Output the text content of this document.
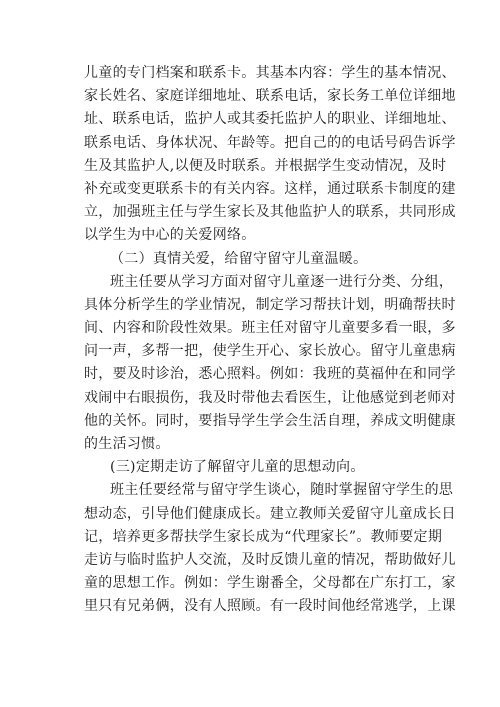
儿童的专门档案和联系卡。其基本内容：学生的基本情况、
家长姓名、家庭详细地址、联系电话，家长务工单位详细地
址、联系电话，监护人或其委托监护人的职业、详细地址、
联系电话、身体状况、年龄等。把自己的的电话号码告诉学
生及其监护人,以便及时联系。并根据学生变动情况，及时
补充或变更联系卡的有关内容。这样，通过联系卡制度的建
立，加强班主任与学生家长及其他监护人的联系，共同形成
以学生为中心的关爱网络。
（二）真情关爱，给留守留守儿童温暖。
班主任要从学习方面对留守儿童逐一进行分类、分组，
具体分析学生的学业情况，制定学习帮扶计划，明确帮扶时
间、内容和阶段性效果。班主任对留守儿童要多看一眼，多
问一声，多帮一把，使学生开心、家长放心。留守儿童患病
时，要及时诊治，悉心照料。例如：我班的莫福仲在和同学
戏闹中右眼损伤，我及时带他去看医生，让他感觉到老师对
他的关怀。同时，要指导学生学会生活自理，养成文明健康
的生活习惯。
(三)定期走访了解留守儿童的思想动向。
班主任要经常与留守学生谈心，随时掌握留守学生的思
想动态，引导他们健康成长。建立教师关爱留守儿童成长日
记，培养更多帮扶学生家长成为“代理家长”。教师要定期
走访与临时监护人交流，及时反馈儿童的情况，帮助做好儿
童的思想工作。例如：学生谢番全，父母都在广东打工，家
里只有兄弟俩，没有人照顾。有一段时间他经常逃学，上课
